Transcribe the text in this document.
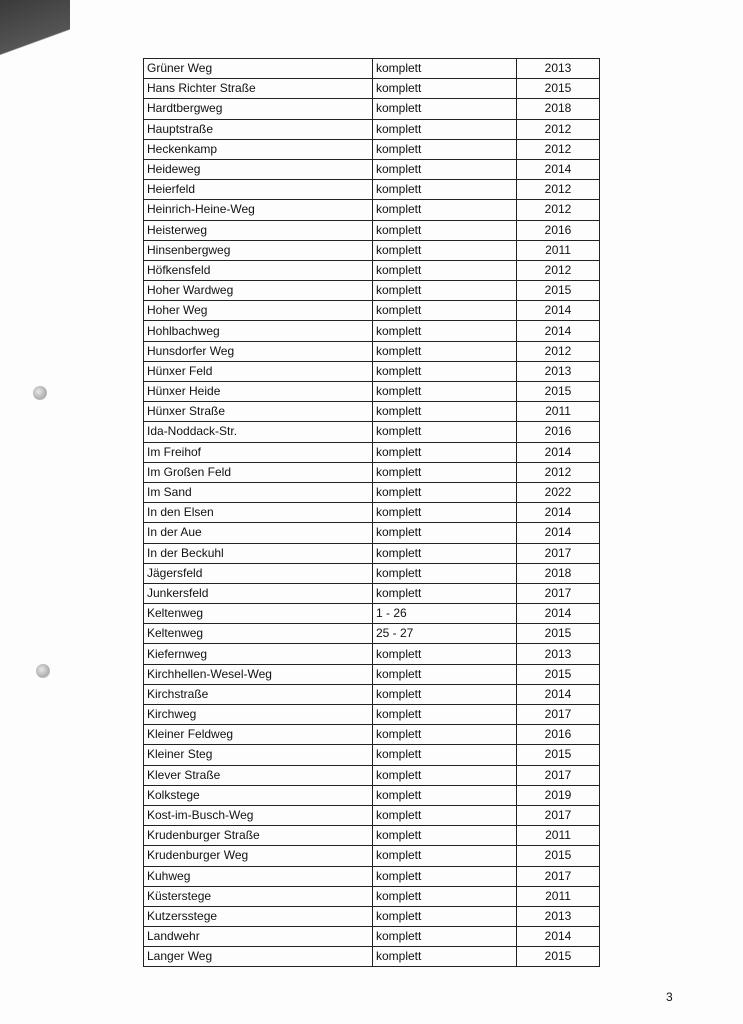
Grüner Weg	komplett	2013
Hans Richter Straße	komplett	2015
Hardtbergweg	komplett	2018
Hauptstraße	komplett	2012
Heckenkamp	komplett	2012
Heideweg	komplett	2014
Heierfeld	komplett	2012
Heinrich-Heine-Weg	komplett	2012
Heisterweg	komplett	2016
Hinsenbergweg	komplett	2011
Höfkensfeld	komplett	2012
Hoher Wardweg	komplett	2015
Hoher Weg	komplett	2014
Hohlbachweg	komplett	2014
Hunsdorfer Weg	komplett	2012
Hünxer Feld	komplett	2013
Hünxer Heide	komplett	2015
Hünxer Straße	komplett	2011
Ida-Noddack-Str.	komplett	2016
Im Freihof	komplett	2014
Im Großen Feld	komplett	2012
Im Sand	komplett	2022
In den Elsen	komplett	2014
In der Aue	komplett	2014
In der Beckuhl	komplett	2017
Jägersfeld	komplett	2018
Junkersfeld	komplett	2017
Keltenweg	1 - 26	2014
Keltenweg	25 - 27	2015
Kiefernweg	komplett	2013
Kirchhellen-Wesel-Weg	komplett	2015
Kirchstraße	komplett	2014
Kirchweg	komplett	2017
Kleiner Feldweg	komplett	2016
Kleiner Steg	komplett	2015
Klever Straße	komplett	2017
Kolkstege	komplett	2019
Kost-im-Busch-Weg	komplett	2017
Krudenburger Straße	komplett	2011
Krudenburger Weg	komplett	2015
Kuhweg	komplett	2017
Küsterstege	komplett	2011
Kutzersstege	komplett	2013
Landwehr	komplett	2014
Langer Weg	komplett	2015
3
